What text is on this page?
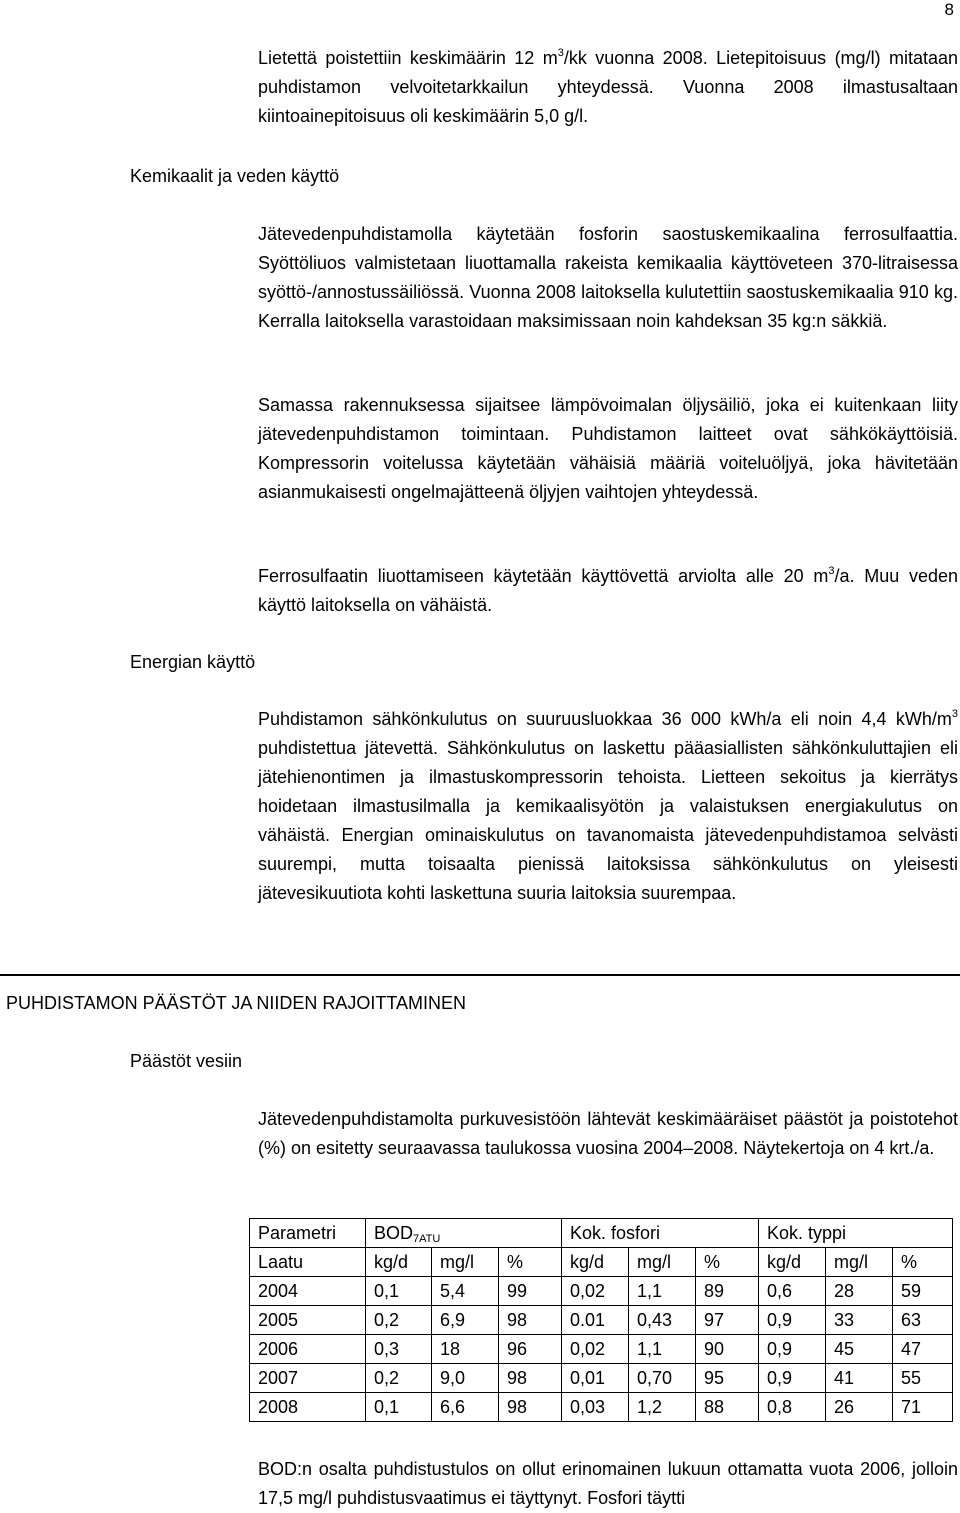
8

Lietettä poistettiin keskimäärin 12 $m^3/kk$ vuonna 2008. Lietepitoisuus (mg/l) mitataan puhdistamon velvoitetarkkailun yhteydessä. Vuonna 2008 ilmastusaltaan kiintoainepitoisuus oli keskimäärin 5,0 g/l.

Kemikaalit ja veden käyttö

Jätevedenpuhdistamolla käytetään fosforin saostuskemikaalina ferrosulfaattia. Syöttöliuos valmistetaan liuottamalla rakeista kemikaalia käyttöveteen 370-litraisessa syöttö-/annostussäiliössä. Vuonna 2008 laitoksella kulutettiin saostuskemikaalia 910 kg. Kerralla laitoksella varastoidaan maksimissaan noin kahdeksan 35 kg:n säkkiä.

Samassa rakennuksessa sijaitsee lämpövoimalan öljysäiliö, joka ei kuitenkaan liity jätevedenpuhdistamon toimintaan. Puhdistamon laitteet ovat sähkökäyttöisiä. Kompressorin voitelussa käytetään vähäisiä määriä voiteluöljyä, joka hävitetään asianmukaisesti ongelmajätteenä öljyjen vaihtojen yhteydessä.

Ferrosulfaatin liuottamiseen käytetään käyttövettä arviolta alle 20 $m^3/a$. Muu veden käyttö laitoksella on vähäistä.

Energian käyttö

Puhdistamon sähkönkulutus on suuruusluokkaa 36 000 kWh/a eli noin 4,4 kWh/$m^3$ puhdistettua jätevettä. Sähkönkulutus on laskettu pääasiallisten sähkönkuluttajien eli jätehienontimen ja ilmastuskompressorin tehoista. Lietteen sekoitus ja kierrätys hoidetaan ilmastusilmalla ja kemikaalisyötön ja valaistuksen energiakulutus on vähäistä. Energian ominaiskulutus on tavanomaista jätevedenpuhdistamoa selvästi suurempi, mutta toisaalta pienissä laitoksissa sähkönkulutus on yleisesti jätevesikuutiota kohti laskettuna suuria laitoksia suurempaa.

PUHDISTAMON PÄÄSTÖT JA NIIDEN RAJOITTAMINEN
Päästöt vesiin

Jätevedenpuhdistamolta purkuvesistöön lähtevät keskimääräiset päästöt ja poistotehot (%) on esitetty seuraavassa taulukossa vuosina 2004–2008. Näytekertoja on 4 krt./a.

Parametri	$BOD_{7ATU}$			Kok. fosfori			Kok. typpi		
Laatu	kg/d	mg/l	%	kg/d	mg/l	%	kg/d	mg/l	%
2004	0,1	5,4	99	0,02	1,1	89	0,6	28	59
2005	0,2	6,9	98	0.01	0,43	97	0,9	33	63
2006	0,3	18	96	0,02	1,1	90	0,9	45	47
2007	0,2	9,0	98	0,01	0,70	95	0,9	41	55
2008	0,1	6,6	98	0,03	1,2	88	0,8	26	71

BOD:n osalta puhdistustulos on ollut erinomainen lukuun ottamatta vuota 2006, jolloin 17,5 mg/l puhdistusvaatimus ei täyttynyt. Fosfori täytti
